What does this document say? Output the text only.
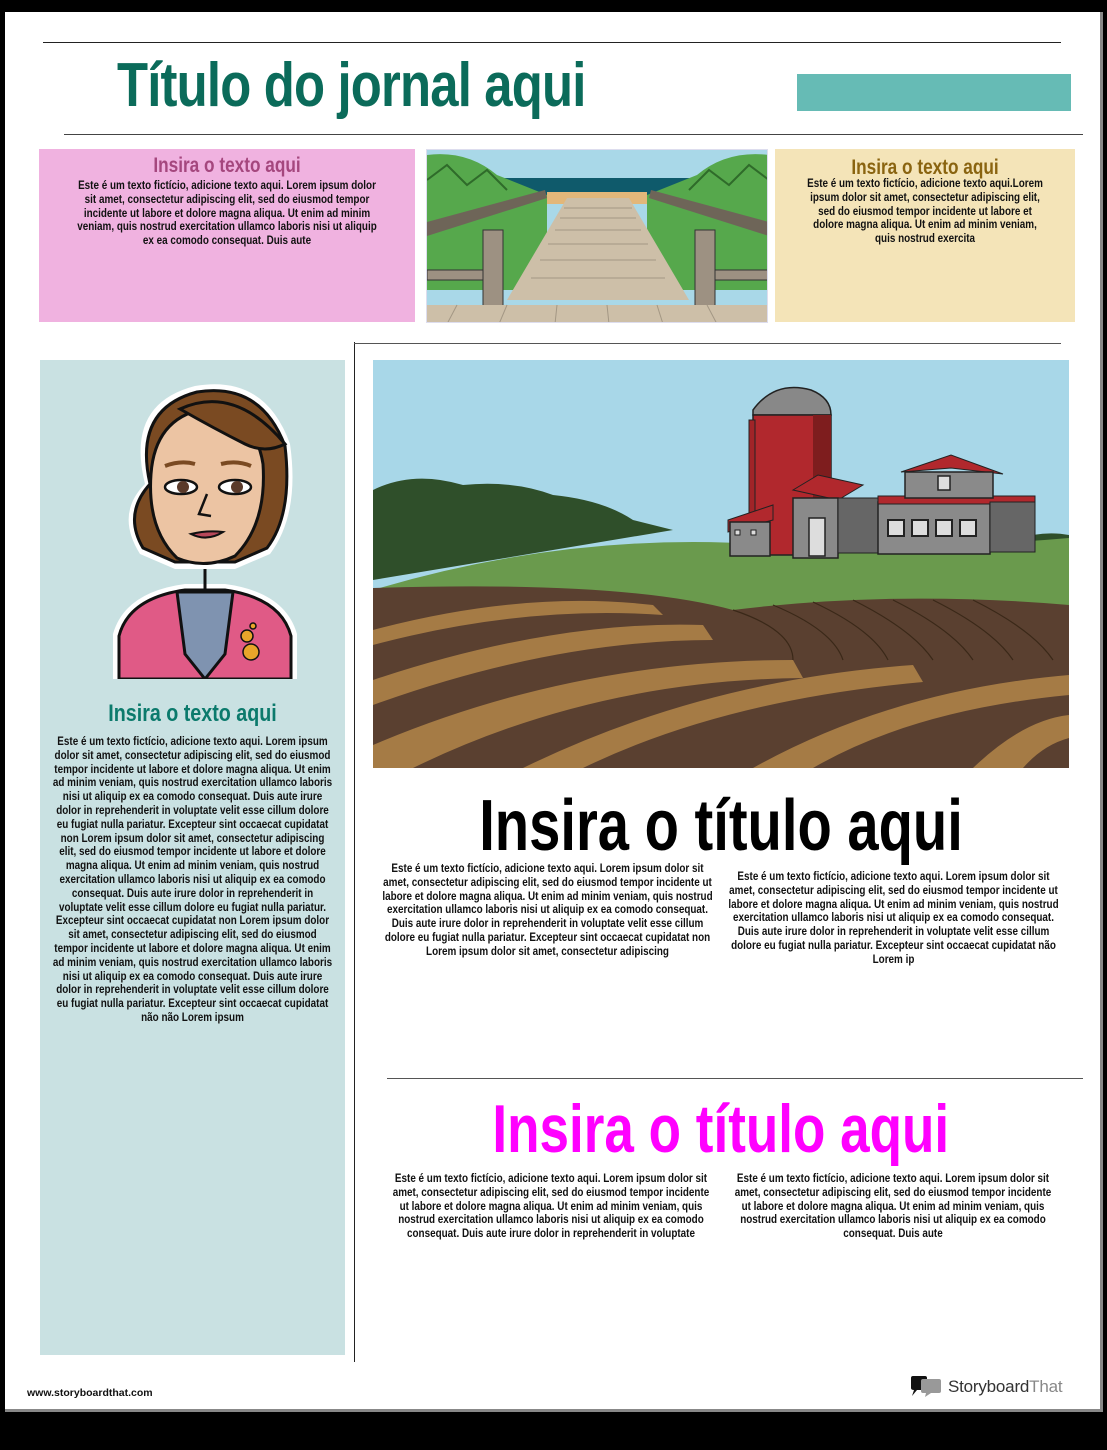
Título do jornal aqui
Insira o texto aqui
Este é um texto fictício, adicione texto aqui. Lorem ipsum dolor sit amet, consectetur adipiscing elit, sed do eiusmod tempor incidente ut labore et dolore magna aliqua. Ut enim ad minim veniam, quis nostrud exercitation ullamco laboris nisi ut aliquip ex ea comodo consequat. Duis aute
Insira o texto aqui
Este é um texto fictício, adicione texto aqui.Lorem ipsum dolor sit amet, consectetur adipiscing elit, sed do eiusmod tempor incidente ut labore et dolore magna aliqua. Ut enim ad minim veniam, quis nostrud exercita
Insira o texto aqui
Este é um texto fictício, adicione texto aqui. Lorem ipsum dolor sit amet, consectetur adipiscing elit, sed do eiusmod tempor incidente ut labore et dolore magna aliqua. Ut enim ad minim veniam, quis nostrud exercitation ullamco laboris nisi ut aliquip ex ea comodo consequat. Duis aute irure dolor in reprehenderit in voluptate velit esse cillum dolore eu fugiat nulla pariatur. Excepteur sint occaecat cupidatat non Lorem ipsum dolor sit amet, consectetur adipiscing elit, sed do eiusmod tempor incidente ut labore et dolore magna aliqua. Ut enim ad minim veniam, quis nostrud exercitation ullamco laboris nisi ut aliquip ex ea comodo consequat. Duis aute irure dolor in reprehenderit in voluptate velit esse cillum dolore eu fugiat nulla pariatur. Excepteur sint occaecat cupidatat non Lorem ipsum dolor sit amet, consectetur adipiscing elit, sed do eiusmod tempor incidente ut labore et dolore magna aliqua. Ut enim ad minim veniam, quis nostrud exercitation ullamco laboris nisi ut aliquip ex ea comodo consequat. Duis aute irure dolor in reprehenderit in voluptate velit esse cillum dolore eu fugiat nulla pariatur. Excepteur sint occaecat cupidatat não não Lorem ipsum
Insira o título aqui
Este é um texto fictício, adicione texto aqui. Lorem ipsum dolor sit amet, consectetur adipiscing elit, sed do eiusmod tempor incidente ut labore et dolore magna aliqua. Ut enim ad minim veniam, quis nostrud exercitation ullamco laboris nisi ut aliquip ex ea comodo consequat. Duis aute irure dolor in reprehenderit in voluptate velit esse cillum dolore eu fugiat nulla pariatur. Excepteur sint occaecat cupidatat non Lorem ipsum dolor sit amet, consectetur adipiscing
Este é um texto fictício, adicione texto aqui. Lorem ipsum dolor sit amet, consectetur adipiscing elit, sed do eiusmod tempor incidente ut labore et dolore magna aliqua. Ut enim ad minim veniam, quis nostrud exercitation ullamco laboris nisi ut aliquip ex ea comodo consequat. Duis aute irure dolor in reprehenderit in voluptate velit esse cillum dolore eu fugiat nulla pariatur. Excepteur sint occaecat cupidatat não Lorem ip
Insira o título aqui
Este é um texto fictício, adicione texto aqui. Lorem ipsum dolor sit amet, consectetur adipiscing elit, sed do eiusmod tempor incidente ut labore et dolore magna aliqua. Ut enim ad minim veniam, quis nostrud exercitation ullamco laboris nisi ut aliquip ex ea comodo consequat. Duis aute irure dolor in reprehenderit in voluptate
Este é um texto fictício, adicione texto aqui. Lorem ipsum dolor sit amet, consectetur adipiscing elit, sed do eiusmod tempor incidente ut labore et dolore magna aliqua. Ut enim ad minim veniam, quis nostrud exercitation ullamco laboris nisi ut aliquip ex ea comodo consequat. Duis aute
www.storyboardthat.com	StoryboardThat
